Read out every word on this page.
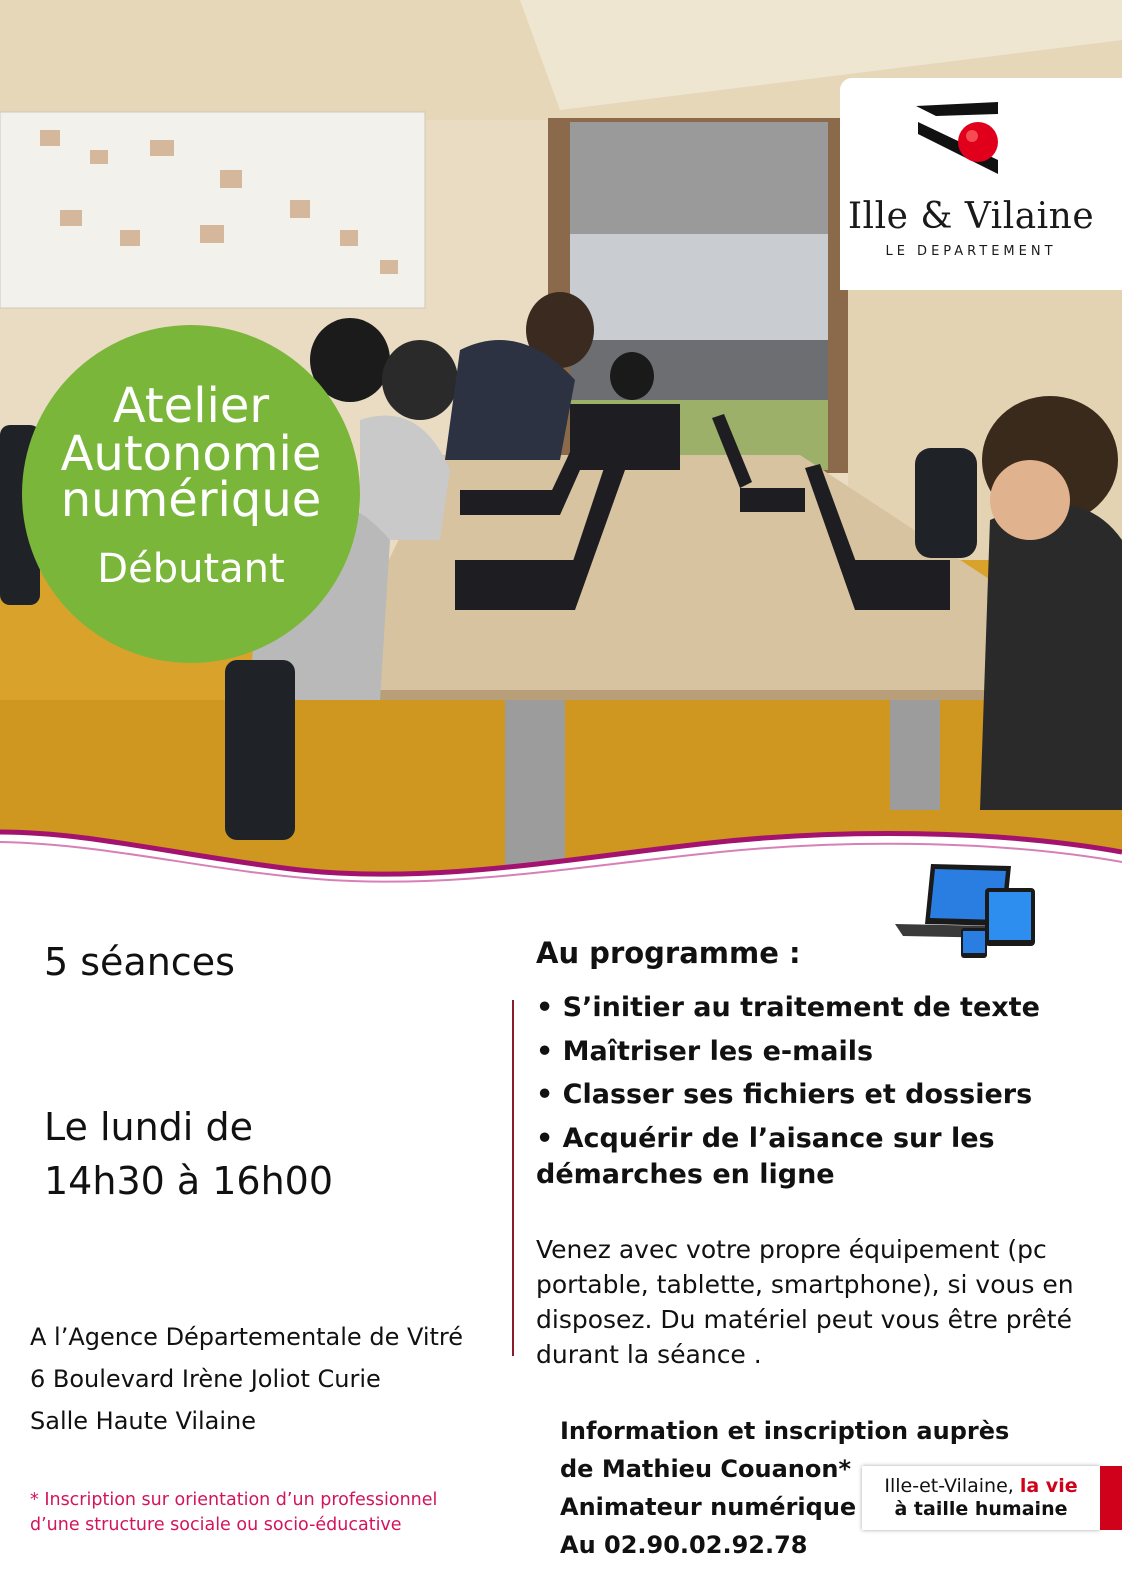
Ille & Vilaine
LE DEPARTEMENT
Atelier
Autonomie
numérique
Débutant
5 séances
Le lundi de
14h30 à 16h00
A l’Agence Départementale de Vitré
6 Boulevard Irène Joliot Curie
Salle Haute Vilaine
* Inscription sur orientation d’un professionnel
d’une structure sociale ou socio-éducative
Au programme :
• S’initier au traitement de texte
• Maîtriser les e-mails
• Classer ses fichiers et dossiers
• Acquérir de l’aisance sur les démarches en ligne
Venez avec votre propre équipement (pc portable, tablette, smartphone), si vous en disposez. Du matériel peut vous être prêté durant la séance .
Information et inscription auprès
de Mathieu Couanon*
Animateur numérique
Au 02.90.02.92.78
Ille-et-Vilaine, la vie
à taille humaine
